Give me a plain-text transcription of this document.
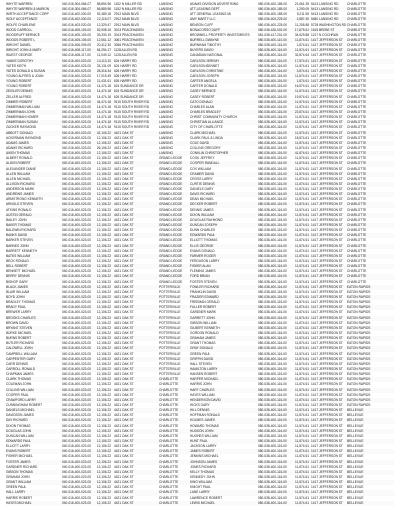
WHYTE WARREN	040-016-304-066-07	58,894.96 1152 N MILLER RD	LANSING	ADAMS DIVISION ADVERTISING	080-036-400-185-00	21,661.39 5413 LANSING RD	CHARLOTTE
WHYTE WARREN & MARION	040-016-304-066-07	56,889.96 1152 N MILLER RD	LANSING	ATT-LEASING DEPT	080-036-400-185-00	1,290.09 5413 LANSING RD	CHARLOTTE
WIRTH ACCEPTANCE CORP	040-016-402-030-00	52,489.18 2912 MAIN BLVD	LANSING	ATT GENERAL LEASING MI	080-036-400-185-00	5,211.55 5413 LANSING RD	CHARLOTTE
WOLF ACCEPTANCE	040-016-402-030-00	12,115.07 2912 MAIN BLVD	LANSING	AMY MARTY LLC	080-036-400-225-00	2,887.45 5480 LANSING RD	CHARLOTTE
WOLFE CHARLENE	040-016-403-020-00	12,329.47 2912 MAIN BLVD	LANSING	BENSON CLIFF	080-036-400-225-00	11,255.88 5728 WASHINGTON RD CHARLOTTE
WOOD CARROLL	040-016-405-103-00	52,008.15 3013 PEACEHAVEN	LANSING	BONACORSO DUFF	080-036-426-002-00	17,875.61 1615 BEEBE ST	CHARLOTTE
WOODRUFF BERNICE	040-016-405-103-00	33,330.19 3013 PEACEHAVEN	LANSING	BROWNELL PROPERTY INVESTMENTS	081-038-417-201-00	34,629.88 1217 N COCHRAN	CHARLOTTE
WOODS ROBERT L	040-016-405-105-00	12,061.12 3061 PEACEHAVEN	LANSING	BURRELL DWAYNE	080-038-400-110-00	11,874.61 1417 JEFFERSON ST	CHARLOTTE
WRIGHT DANIEL	040-016-406-009-00	20,412.30 3056 PEACEHAVEN	LANSING	BURNHAM TIMOTHY	080-038-400-116-00	1,874.61 1417 JEFFERSON ST	CHARLOTTE
WRIGHT JOHN & MARY	040-016-408-117-00	54,294.17 1128 ALLEN RD	LANSING	BUYERS DAVID	080-038-400-116-00	11,874.61 1417 JEFFERSON ST	CHARLOTTE
WUEST GEORGE	040-016-408-117-00	11,049.12 1128 ALLEN RD	LANSING	CANADIAN NATIONAL	080-038-400-116-00	32,874.64 1417 JEFFERSON ST	CHARLOTTE
YANKE DOROTHY	040-016-400-023-00	14,113.10 624 HARRY RD	LANSING	CARLSON JEREMY	080-038-400-116-00	17,874.61 1417 JEFFERSON ST	CHARLOTTE
YATES KEITH	040-016-400-023-00	33,131.09 624 HARRY RD	LANSING	CARLSON BENNET	080-038-400-116-00	11,874.61 1417 JEFFERSON ST	CHARLOTTE
YATES DONALD & SUSAN	040-016-400-023-00	28,316.34 626 HARRY RD	LANSING	CARLSON CHRISTINE	080-038-400-116-00	3,874.61 1417 JEFFERSON ST	CHARLOTTE
YOUNG ALFRED & JOAN	040-016-400-023-00	17,015.49 626 HARRY RD	LANSING	CARLSON JOSEPH	080-038-400-116-00	11,874.61 1417 JEFFERSON ST	CHARLOTTE
YOUNG ROBERT	040-016-400-023-00	11,431.61 626 HARRY RD	LANSING	CARTER ANGELA	080-038-400-116-00	1,874.61 1417 JEFFERSON ST	CHARLOTTE
YOUNG ROBERT	040-016-400-023-00	14,474.18 624 SUNDANCE DR	LANSING	CARTER DONALD	080-038-400-116-00	16,874.61 1417 JEFFERSON ST	CHARLOTTE
ZEIGLER DENNIS	040-016-400-023-00	14,474.18 624 SUNDANCE DR	LANSING	CASEY BERNICE	080-038-400-116-00	11,874.61 1417 JEFFERSON ST	CHARLOTTE
ZELLER ALFRED	040-016-400-023-00	14,474.18 626 SUNDANCE DR	LANSING	CASEY ROBERT	080-038-400-116-00	19,874.61 1417 JEFFERSON ST	CHARLOTTE
ZIMMER ROBERT	040-016-400-023-00	34,474.18 9115 SOUTH RIVER RD	LANSING	CATO DONALD	080-038-400-116-00	11,874.61 1417 JEFFERSON ST	CHARLOTTE
ZIMMERMAN WILLIAM	040-016-400-023-00	14,474.18 9115 SOUTH RIVER RD	LANSING	CHARLES ALAN	080-038-400-116-00	11,874.61 1417 JEFFERSON ST	CHARLOTTE
ZIMMERMAN JOHN	040-016-400-023-00	14,474.18 9115 SOUTH RIVER RD	LANSING	CHARLES BRADLEY	080-038-400-116-00	22,874.61 1417 JEFFERSON ST	CHARLOTTE
ZIMMERMAN HOMER	040-016-400-023-00	14,474.18 9115 SOUTH RIVER RD	LANSING	CHRIST COMMUNITY CHURCH	080-038-400-116-00	11,874.61 1417 JEFFERSON ST	CHARLOTTE
ZIMMERMAN SUSAN	040-016-400-023-00	14,474.18 9115 SOUTH RIVER RD	LANSING	CHRISTIAN ALLIANCE	080-038-400-116-00	11,874.61 1417 JEFFERSON ST	CHARLOTTE
ZUCKER RAYMOND	040-016-400-023-00	14,474.18 9115 SOUTH RIVER RD	LANSING	CITY OF CHARLOTTE	080-038-400-116-00	11,874.61 1417 JEFFERSON ST	CHARLOTTE
ABBOTT DONALD	040-016-400-023-00	42,106.22 4421 OAK ST	LANSING	CLARK MICHAEL	080-038-400-116-00	11,874.61 1417 JEFFERSON ST	CHARLOTTE
ACKERMAN RAYMOND	040-016-400-023-00	12,106.22 4421 OAK ST	LANSING	CLARK PAUL & LINDA	080-038-400-116-00	18,874.61 1417 JEFFERSON ST	CHARLOTTE
ADAMS JAMES	040-016-400-023-00	12,106.22 4421 OAK ST	LANSING	COLE DAVID	080-038-400-116-00	11,874.61 1417 JEFFERSON ST	CHARLOTTE
ADAMS RICHARD	040-016-400-023-00	26,106.22 4421 OAK ST	LANSING	COLLINS GREGORY	080-038-400-116-00	11,874.61 1417 JEFFERSON ST	CHARLOTTE
AIKEN THOMAS	040-016-400-023-00	12,106.22 4421 OAK ST	LANSING	CONKLIN CHRISTOPHER	080-038-400-116-00	41,874.61 1417 JEFFERSON ST	CHARLOTTE
ALBERT RONALD	040-016-400-023-00	12,106.22 4421 OAK ST	GRAND LEDGE	COOK JEFFREY	080-038-400-116-00	11,874.61 1417 JEFFERSON ST	CHARLOTTE
ALDEN ROBERT	040-016-400-023-00	12,106.22 4421 OAK ST	GRAND LEDGE	COOPER RANDALL	080-038-400-116-00	11,874.61 1417 JEFFERSON ST	CHARLOTTE
ALEXANDER DIANE	040-016-400-023-00	12,106.22 4421 OAK ST	GRAND LEDGE	COX WILLIAM	080-038-400-116-00	11,874.61 1417 JEFFERSON ST	CHARLOTTE
ALLEN WILLIAM	040-016-400-023-00	12,106.22 4421 OAK ST	GRAND LEDGE	CRAMER DAVID	080-038-400-116-00	11,874.61 1417 JEFFERSON ST	CHARLOTTE
ALLEN MICHAEL	040-016-400-023-00	12,106.22 4421 OAK ST	GRAND LEDGE	CROSS LARRY	080-038-400-116-00	11,874.61 1417 JEFFERSON ST	CHARLOTTE
ALLISON RICHARD	040-016-400-023-00	12,106.22 4421 OAK ST	GRAND LEDGE	CURTIS DENNIS	080-038-400-116-00	11,874.61 1417 JEFFERSON ST	CHARLOTTE
ANDERSON MARK	040-016-400-023-00	12,106.22 4421 OAK ST	GRAND LEDGE	DANIELS GARY	080-038-400-116-00	11,874.61 1417 JEFFERSON ST	CHARLOTTE
ANDREWS JAMES	040-016-400-023-00	12,106.22 4421 OAK ST	GRAND LEDGE	DAVIS RICHARD	080-038-400-116-00	11,874.61 1417 JEFFERSON ST	CHARLOTTE
ARMSTRONG KENNETH	040-016-400-023-00	12,106.22 4421 OAK ST	GRAND LEDGE	DEAN MICHAEL	080-038-400-116-00	11,874.61 1417 JEFFERSON ST	CHARLOTTE
ARNOLD STEVEN	040-016-400-023-00	12,106.22 4421 OAK ST	GRAND LEDGE	DECKER ROBERT	080-038-400-116-00	11,874.61 1417 JEFFERSON ST	CHARLOTTE
ATKINS RONALD	040-016-400-023-00	12,106.22 4421 OAK ST	GRAND LEDGE	DENNIS JAMES	080-038-400-116-00	11,874.61 1417 JEFFERSON ST	CHARLOTTE
AUSTIN GERALD	040-016-400-023-00	12,106.22 4421 OAK ST	GRAND LEDGE	DIXON WILLIAM	080-038-400-116-00	11,874.61 1417 JEFFERSON ST	CHARLOTTE
BAILEY JOHN	040-016-400-023-00	12,106.22 4421 OAK ST	GRAND LEDGE	DOUGLAS RAYMOND	080-038-400-116-00	11,874.61 1417 JEFFERSON ST	CHARLOTTE
BAKER THOMAS	040-016-400-023-00	12,106.22 4421 OAK ST	GRAND LEDGE	DUNCAN JOSEPH	080-038-400-116-00	11,874.61 1417 JEFFERSON ST	CHARLOTTE
BALDWIN RICHARD	040-016-400-023-00	12,106.22 4421 OAK ST	GRAND LEDGE	DUNN CHARLES	080-038-400-116-00	11,874.61 1417 JEFFERSON ST	CHARLOTTE
BANKS DAVID	040-016-400-023-00	12,106.22 4421 OAK ST	GRAND LEDGE	EDWARDS PAUL	080-038-400-116-00	11,874.61 1417 JEFFERSON ST	CHARLOTTE
BARKER STEVEN	040-016-400-023-00	12,106.22 4421 OAK ST	GRAND LEDGE	ELLIOTT THOMAS	080-038-400-116-00	11,874.61 1417 JEFFERSON ST	CHARLOTTE
BARNES JOHN	040-016-400-023-00	12,106.22 4421 OAK ST	GRAND LEDGE	ELLIS GEORGE	080-038-400-116-00	11,874.61 1417 JEFFERSON ST	CHARLOTTE
BARRETT KENNETH	040-016-400-023-00	12,106.22 4421 OAK ST	GRAND LEDGE	EVANS DONALD	080-038-400-116-00	11,874.61 1417 JEFFERSON ST	CHARLOTTE
BATES WILLIAM	040-016-400-023-00	12,106.22 4421 OAK ST	GRAND LEDGE	FARMER ROGER	080-038-400-116-00	11,874.61 1417 JEFFERSON ST	CHARLOTTE
BECK RONALD	040-016-400-023-00	12,106.22 4421 OAK ST	GRAND LEDGE	FERGUSON LARRY	080-038-400-116-00	11,874.61 1417 JEFFERSON ST	CHARLOTTE
BELL ROBERT	040-016-400-023-00	12,106.22 4421 OAK ST	GRAND LEDGE	FISHER ALAN	080-038-400-116-00	11,874.61 1417 JEFFERSON ST	CHARLOTTE
BENNETT MICHAEL	040-016-400-023-00	12,106.22 4421 OAK ST	GRAND LEDGE	FLEMING JAMES	080-038-400-116-00	11,874.61 1417 JEFFERSON ST	CHARLOTTE
BERRY DENNIS	040-016-400-023-00	12,106.22 4421 OAK ST	GRAND LEDGE	FORD BRIAN	080-038-400-116-00	11,874.61 1417 JEFFERSON ST	CHARLOTTE
BISHOP GARY	040-016-400-023-00	12,106.22 4421 OAK ST	GRAND LEDGE	FOSTER STEVEN	080-038-400-116-00	11,874.61 1417 JEFFERSON ST	CHARLOTTE
BLACK JAMES	040-016-400-023-00	12,106.22 4421 OAK ST	POTTERVILLE	FOWLER RICHARD	080-038-400-116-00	11,874.61 1417 JEFFERSON ST	EATON RAPIDS
BLAIR WILLIAM	040-016-400-023-00	12,106.22 4421 OAK ST	POTTERVILLE	FRANKLIN DAVID	080-038-400-116-00	11,874.61 1417 JEFFERSON ST	EATON RAPIDS
BOYD JOHN	040-016-400-023-00	12,106.22 4421 OAK ST	POTTERVILLE	FRAZIER EDWARD	080-038-400-116-00	11,874.61 1417 JEFFERSON ST	EATON RAPIDS
BRADLEY THOMAS	040-016-400-023-00	12,106.22 4421 OAK ST	POTTERVILLE	FREEMAN GERALD	080-038-400-116-00	11,874.61 1417 JEFFERSON ST	EATON RAPIDS
BRADY PAUL	040-016-400-023-00	12,106.22 4421 OAK ST	POTTERVILLE	FULLER ROBERT	080-038-400-116-00	11,874.61 1417 JEFFERSON ST	EATON RAPIDS
BREWER LARRY	040-016-400-023-00	12,106.22 4421 OAK ST	POTTERVILLE	GARDNER MARK	080-038-400-116-00	11,874.61 1417 JEFFERSON ST	EATON RAPIDS
BROOKS CHARLES	040-016-400-023-00	12,106.22 4421 OAK ST	POTTERVILLE	GARRETT JOHN	080-038-400-116-00	11,874.61 1417 JEFFERSON ST	EATON RAPIDS
BROWN DAVID	040-016-400-023-00	12,106.22 4421 OAK ST	POTTERVILLE	GIBSON WILLIAM	080-038-400-116-00	11,874.61 1417 JEFFERSON ST	EATON RAPIDS
BRYANT STEVEN	040-016-400-023-00	12,106.22 4421 OAK ST	POTTERVILLE	GILBERT KENNETH	080-038-400-116-00	11,874.61 1417 JEFFERSON ST	EATON RAPIDS
BURKE MICHAEL	040-016-400-023-00	12,106.22 4421 OAK ST	POTTERVILLE	GORDON RONALD	080-038-400-116-00	11,874.61 1417 JEFFERSON ST	EATON RAPIDS
BURNS ROBERT	040-016-400-023-00	12,106.22 4421 OAK ST	POTTERVILLE	GRAHAM JAMES	080-038-400-116-00	11,874.61 1417 JEFFERSON ST	EATON RAPIDS
BUTLER RICHARD	040-016-400-023-00	12,106.22 4421 OAK ST	POTTERVILLE	GRANT THOMAS	080-038-400-116-00	11,874.61 1417 JEFFERSON ST	EATON RAPIDS
CALDWELL JOHN	040-016-400-023-00	12,106.22 4421 OAK ST	POTTERVILLE	GRAY DONALD	080-038-400-116-00	11,874.61 1417 JEFFERSON ST	EATON RAPIDS
CAMPBELL WILLIAM	040-016-400-023-00	12,106.22 4421 OAK ST	POTTERVILLE	GREEN PAUL	080-038-400-116-00	11,874.61 1417 JEFFERSON ST	EATON RAPIDS
CARPENTER GARY	040-016-400-023-00	12,106.22 4421 OAK ST	POTTERVILLE	GRIFFIN DAVID	080-038-400-116-00	11,874.61 1417 JEFFERSON ST	EATON RAPIDS
CARR DENNIS	040-016-400-023-00	12,106.22 4421 OAK ST	POTTERVILLE	HALL STEVEN	080-038-400-116-00	11,874.61 1417 JEFFERSON ST	EATON RAPIDS
CARROLL RONALD	040-016-400-023-00	12,106.22 4421 OAK ST	POTTERVILLE	HAMILTON LARRY	080-038-400-116-00	11,874.61 1417 JEFFERSON ST	EATON RAPIDS
CHAPMAN JAMES	040-016-400-023-00	12,106.22 4421 OAK ST	POTTERVILLE	HANSEN ROBERT	080-038-400-116-00	11,874.61 1417 JEFFERSON ST	EATON RAPIDS
CLARK THOMAS	040-016-400-023-00	12,106.22 4421 OAK ST	CHARLOTTE	HARPER MICHAEL	080-038-400-116-00	11,874.61 1417 JEFFERSON ST	EATON RAPIDS
COLEMAN JOHN	040-016-400-023-00	12,106.22 4421 OAK ST	CHARLOTTE	HARRIS JOHN	080-038-400-116-00	11,874.61 1417 JEFFERSON ST	EATON RAPIDS
COLLINS WILLIAM	040-016-400-023-00	12,106.22 4421 OAK ST	CHARLOTTE	HART CHARLES	080-038-400-116-00	11,874.61 1417 JEFFERSON ST	EATON RAPIDS
COOPER PAUL	040-016-400-023-00	12,106.22 4421 OAK ST	CHARLOTTE	HAYES WILLIAM	080-038-400-116-00	11,874.61 1417 JEFFERSON ST	EATON RAPIDS
CRAWFORD LARRY	040-016-400-023-00	12,106.22 4421 OAK ST	CHARLOTTE	HENDERSON DAVID	080-038-400-116-00	11,874.61 1417 JEFFERSON ST	EATON RAPIDS
CUNNINGHAM ROBERT	040-016-400-023-00	12,106.22 4421 OAK ST	CHARLOTTE	HICKS GARY	080-038-400-116-00	11,874.61 1417 JEFFERSON ST	EATON RAPIDS
DANIELS MICHAEL	040-016-400-023-00	12,106.22 4421 OAK ST	CHARLOTTE	HILL DENNIS	080-038-400-116-00	11,874.61 1417 JEFFERSON ST	BELLEVUE
DAVIDSON JAMES	040-016-400-023-00	12,106.22 4421 OAK ST	CHARLOTTE	HOFFMAN RONALD	080-038-400-116-00	11,874.61 1417 JEFFERSON ST	BELLEVUE
DAY RICHARD	040-016-400-023-00	12,106.22 4421 OAK ST	CHARLOTTE	HOLMES JAMES	080-038-400-116-00	11,874.61 1417 JEFFERSON ST	BELLEVUE
DIXON THOMAS	040-016-400-023-00	12,106.22 4421 OAK ST	CHARLOTTE	HOWARD THOMAS	080-038-400-116-00	11,874.61 1417 JEFFERSON ST	BELLEVUE
DOUGLAS JOHN	040-016-400-023-00	12,106.22 4421 OAK ST	CHARLOTTE	HUDSON JOHN	080-038-400-116-00	11,874.61 1417 JEFFERSON ST	BELLEVUE
DUNCAN WILLIAM	040-016-400-023-00	12,106.22 4421 OAK ST	CHARLOTTE	HUGHES WILLIAM	080-038-400-116-00	11,874.61 1417 JEFFERSON ST	BELLEVUE
EDWARDS PAUL	040-016-400-023-00	12,106.22 4421 OAK ST	CHARLOTTE	HUNT PAUL	080-038-400-116-00	11,874.61 1417 JEFFERSON ST	BELLEVUE
ELLIOTT LARRY	040-016-400-023-00	12,106.22 4421 OAK ST	CHARLOTTE	JACKSON LARRY	080-038-400-116-00	11,874.61 1417 JEFFERSON ST	BELLEVUE
EVANS ROBERT	040-016-400-023-00	12,106.22 4421 OAK ST	CHARLOTTE	JAMES ROBERT	080-038-400-116-00	11,874.61 1417 JEFFERSON ST	BELLEVUE
FISHER MICHAEL	040-016-400-023-00	12,106.22 4421 OAK ST	CHARLOTTE	JENKINS MICHAEL	080-038-400-116-00	11,874.61 1417 JEFFERSON ST	BELLEVUE
FOSTER JAMES	040-016-400-023-00	12,106.22 4421 OAK ST	CHARLOTTE	JOHNSON JAMES	080-038-400-116-00	11,874.61 1417 JEFFERSON ST	BELLEVUE
GARDNER RICHARD	040-016-400-023-00	12,106.22 4421 OAK ST	CHARLOTTE	JONES RICHARD	080-038-400-116-00	11,874.61 1417 JEFFERSON ST	BELLEVUE
GIBSON THOMAS	040-016-400-023-00	12,106.22 4421 OAK ST	CHARLOTTE	KELLY THOMAS	080-038-400-116-00	11,874.61 1417 JEFFERSON ST	BELLEVUE
GRAHAM JOHN	040-016-400-023-00	12,106.22 4421 OAK ST	CHARLOTTE	KENNEDY JOHN	080-038-400-116-00	11,874.61 1417 JEFFERSON ST	BELLEVUE
GRANT WILLIAM	040-016-400-023-00	12,106.22 4421 OAK ST	CHARLOTTE	KING WILLIAM	080-038-400-116-00	11,874.61 1417 JEFFERSON ST	BELLEVUE
GREEN PAUL	040-016-400-023-00	12,106.22 4421 OAK ST	CHARLOTTE	KNIGHT PAUL	080-038-400-116-00	11,874.61 1417 JEFFERSON ST	BELLEVUE
HALL LARRY	040-016-400-023-00	12,106.22 4421 OAK ST	CHARLOTTE	LANE LARRY	080-038-400-116-00	11,874.61 1417 JEFFERSON ST	BELLEVUE
HARRIS ROBERT	040-016-400-023-00	12,106.22 4421 OAK ST	CHARLOTTE	LAWRENCE ROBERT	080-038-400-116-00	11,874.61 1417 JEFFERSON ST	BELLEVUE
HAYES MICHAEL	040-016-400-023-00	12,106.22 4421 OAK ST	CHARLOTTE	LEWIS MICHAEL	080-038-400-116-00	11,874.61 1417 JEFFERSON ST	BELLEVUE
